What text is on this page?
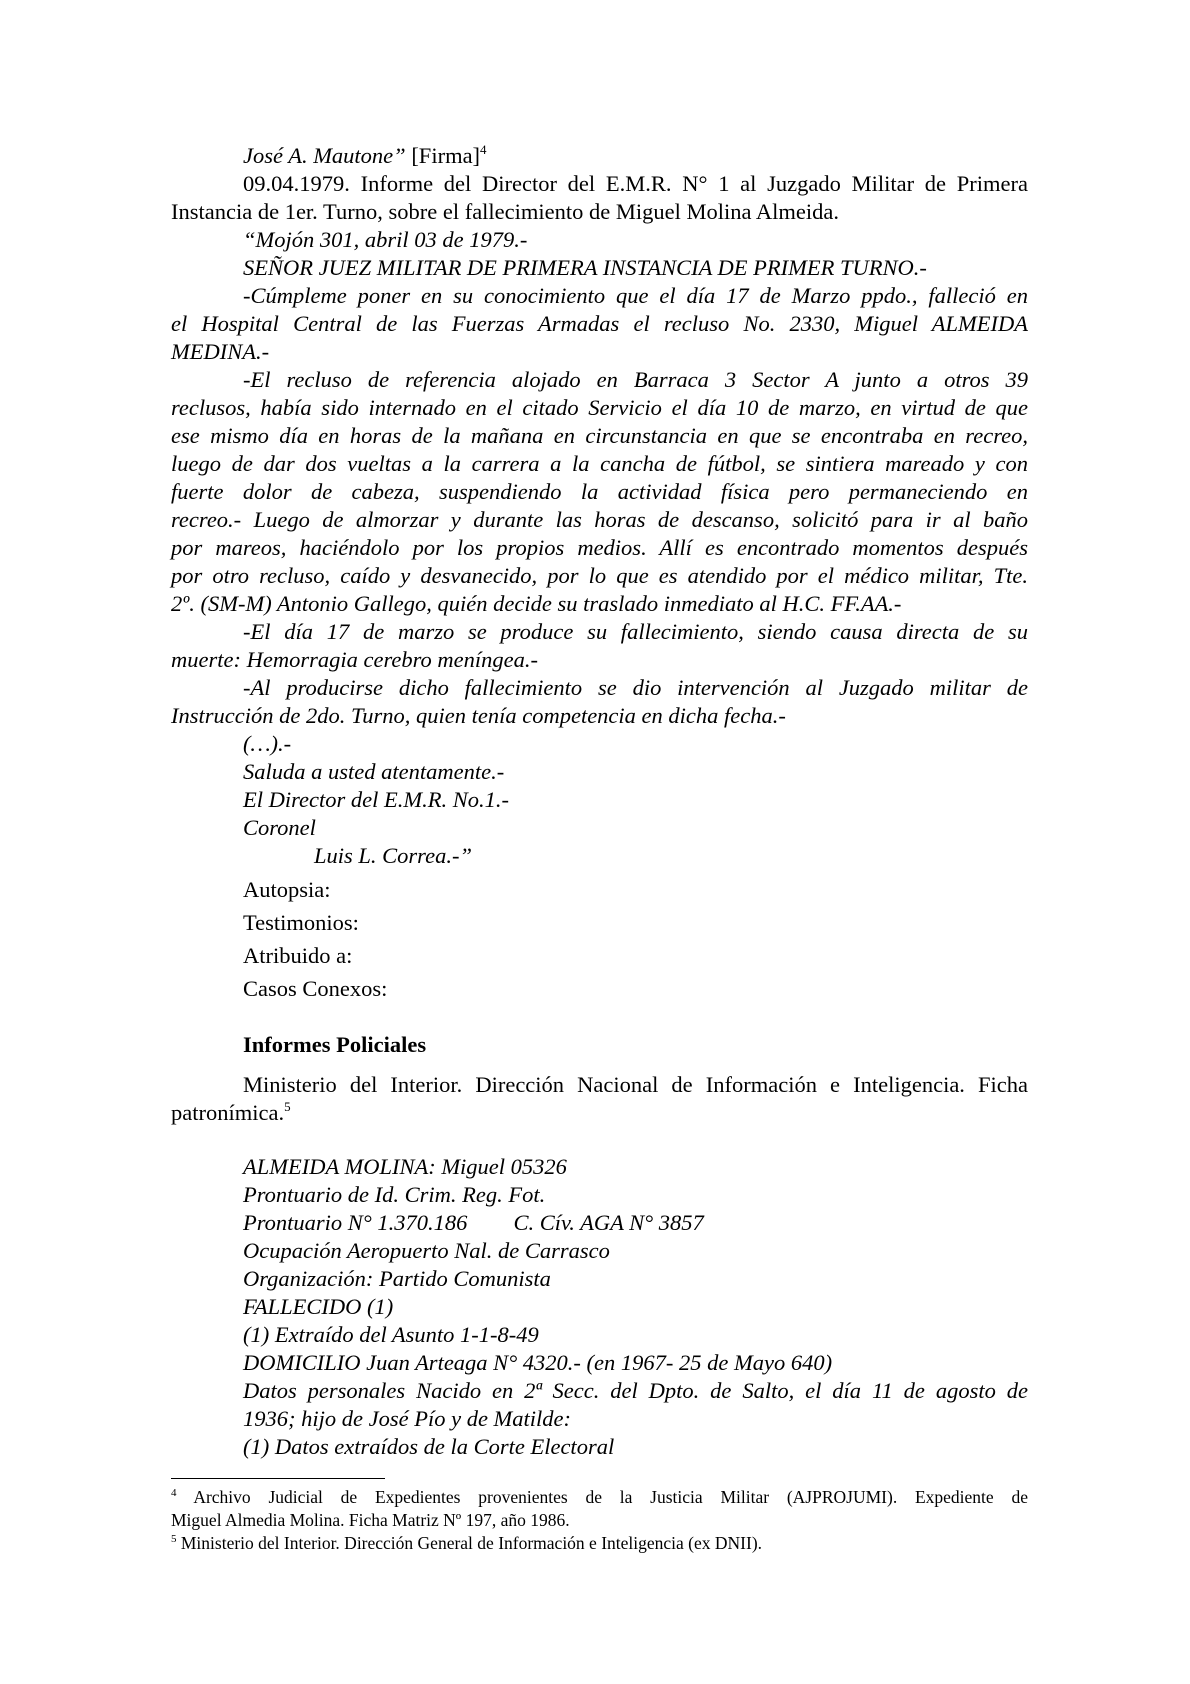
José A. Mautone” [Firma]$^4$
09.04.1979. Informe del Director del E.M.R. N° 1 al Juzgado Militar de Primera
Instancia de 1er. Turno, sobre el fallecimiento de Miguel Molina Almeida.
“Mojón 301, abril 03 de 1979.-
SEÑOR JUEZ MILITAR DE PRIMERA INSTANCIA DE PRIMER TURNO.-
-Cúmpleme poner en su conocimiento que el día 17 de Marzo ppdo., falleció en
el Hospital Central de las Fuerzas Armadas el recluso No. 2330, Miguel ALMEIDA
MEDINA.-
-El recluso de referencia alojado en Barraca 3 Sector A junto a otros 39
reclusos, había sido internado en el citado Servicio el día 10 de marzo, en virtud de que
ese mismo día en horas de la mañana en circunstancia en que se encontraba en recreo,
luego de dar dos vueltas a la carrera a la cancha de fútbol, se sintiera mareado y con
fuerte dolor de cabeza, suspendiendo la actividad física pero permaneciendo en
recreo.- Luego de almorzar y durante las horas de descanso, solicitó para ir al baño
por mareos, haciéndolo por los propios medios. Allí es encontrado momentos después
por otro recluso, caído y desvanecido, por lo que es atendido por el médico militar, Tte.
2º. (SM-M) Antonio Gallego, quién decide su traslado inmediato al H.C. FF.AA.-
-El día 17 de marzo se produce su fallecimiento, siendo causa directa de su
muerte: Hemorragia cerebro meníngea.-
-Al producirse dicho fallecimiento se dio intervención al Juzgado militar de
Instrucción de 2do. Turno, quien tenía competencia en dicha fecha.-
(…).-
Saluda a usted atentamente.-
El Director del E.M.R. No.1.-
Coronel
Luis L. Correa.-”
Autopsia:
Testimonios:
Atribuido a:
Casos Conexos:
Informes Policiales
Ministerio del Interior. Dirección Nacional de Información e Inteligencia. Ficha
patronímica.$^5$
ALMEIDA MOLINA: Miguel 05326
Prontuario de Id. Crim. Reg. Fot.
Prontuario N° 1.370.186 C. Cív. AGA N° 3857
Ocupación Aeropuerto Nal. de Carrasco
Organización: Partido Comunista
FALLECIDO (1)
(1) Extraído del Asunto 1-1-8-49
DOMICILIO Juan Arteaga N° 4320.- (en 1967- 25 de Mayo 640)
Datos personales Nacido en 2ª Secc. del Dpto. de Salto, el día 11 de agosto de
1936; hijo de José Pío y de Matilde:
(1) Datos extraídos de la Corte Electoral
$^4$ Archivo Judicial de Expedientes provenientes de la Justicia Militar (AJPROJUMI). Expediente de
Miguel Almedia Molina. Ficha Matriz Nº 197, año 1986.
$^5$ Ministerio del Interior. Dirección General de Información e Inteligencia (ex DNII).
